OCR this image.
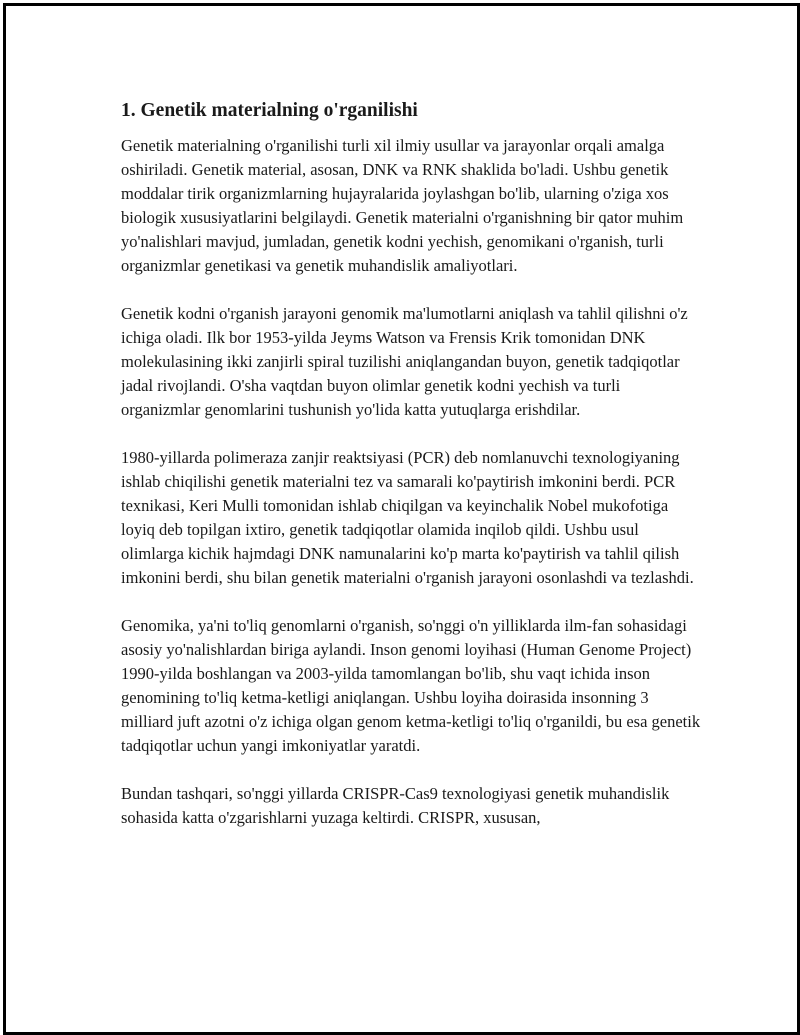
1. Genetik materialning o'rganilishi

Genetik materialning o'rganilishi turli xil ilmiy usullar va jarayonlar orqali amalga oshiriladi. Genetik material, asosan, DNK va RNK shaklida bo'ladi. Ushbu genetik moddalar tirik organizmlarning hujayralarida joylashgan bo'lib, ularning o'ziga xos biologik xususiyatlarini belgilaydi. Genetik materialni o'rganishning bir qator muhim yo'nalishlari mavjud, jumladan, genetik kodni yechish, genomikani o'rganish, turli organizmlar genetikasi va genetik muhandislik amaliyotlari.

Genetik kodni o'rganish jarayoni genomik ma'lumotlarni aniqlash va tahlil qilishni o'z ichiga oladi. Ilk bor 1953-yilda Jeyms Watson va Frensis Krik tomonidan DNK molekulasining ikki zanjirli spiral tuzilishi aniqlangandan buyon, genetik tadqiqotlar jadal rivojlandi. O'sha vaqtdan buyon olimlar genetik kodni yechish va turli organizmlar genomlarini tushunish yo'lida katta yutuqlarga erishdilar.

1980-yillarda polimeraza zanjir reaktsiyasi (PCR) deb nomlanuvchi texnologiyaning ishlab chiqilishi genetik materialni tez va samarali ko'paytirish imkonini berdi. PCR texnikasi, Keri Mulli tomonidan ishlab chiqilgan va keyinchalik Nobel mukofotiga loyiq deb topilgan ixtiro, genetik tadqiqotlar olamida inqilob qildi. Ushbu usul olimlarga kichik hajmdagi DNK namunalarini ko'p marta ko'paytirish va tahlil qilish imkonini berdi, shu bilan genetik materialni o'rganish jarayoni osonlashdi va tezlashdi.

Genomika, ya'ni to'liq genomlarni o'rganish, so'nggi o'n yilliklarda ilm-fan sohasidagi asosiy yo'nalishlardan biriga aylandi. Inson genomi loyihasi (Human Genome Project) 1990-yilda boshlangan va 2003-yilda tamomlangan bo'lib, shu vaqt ichida inson genomining to'liq ketma-ketligi aniqlangan. Ushbu loyiha doirasida insonning 3 milliard juft azotni o'z ichiga olgan genom ketma-ketligi to'liq o'rganildi, bu esa genetik tadqiqotlar uchun yangi imkoniyatlar yaratdi.

Bundan tashqari, so'nggi yillarda CRISPR-Cas9 texnologiyasi genetik muhandislik sohasida katta o'zgarishlarni yuzaga keltirdi. CRISPR, xususan,
